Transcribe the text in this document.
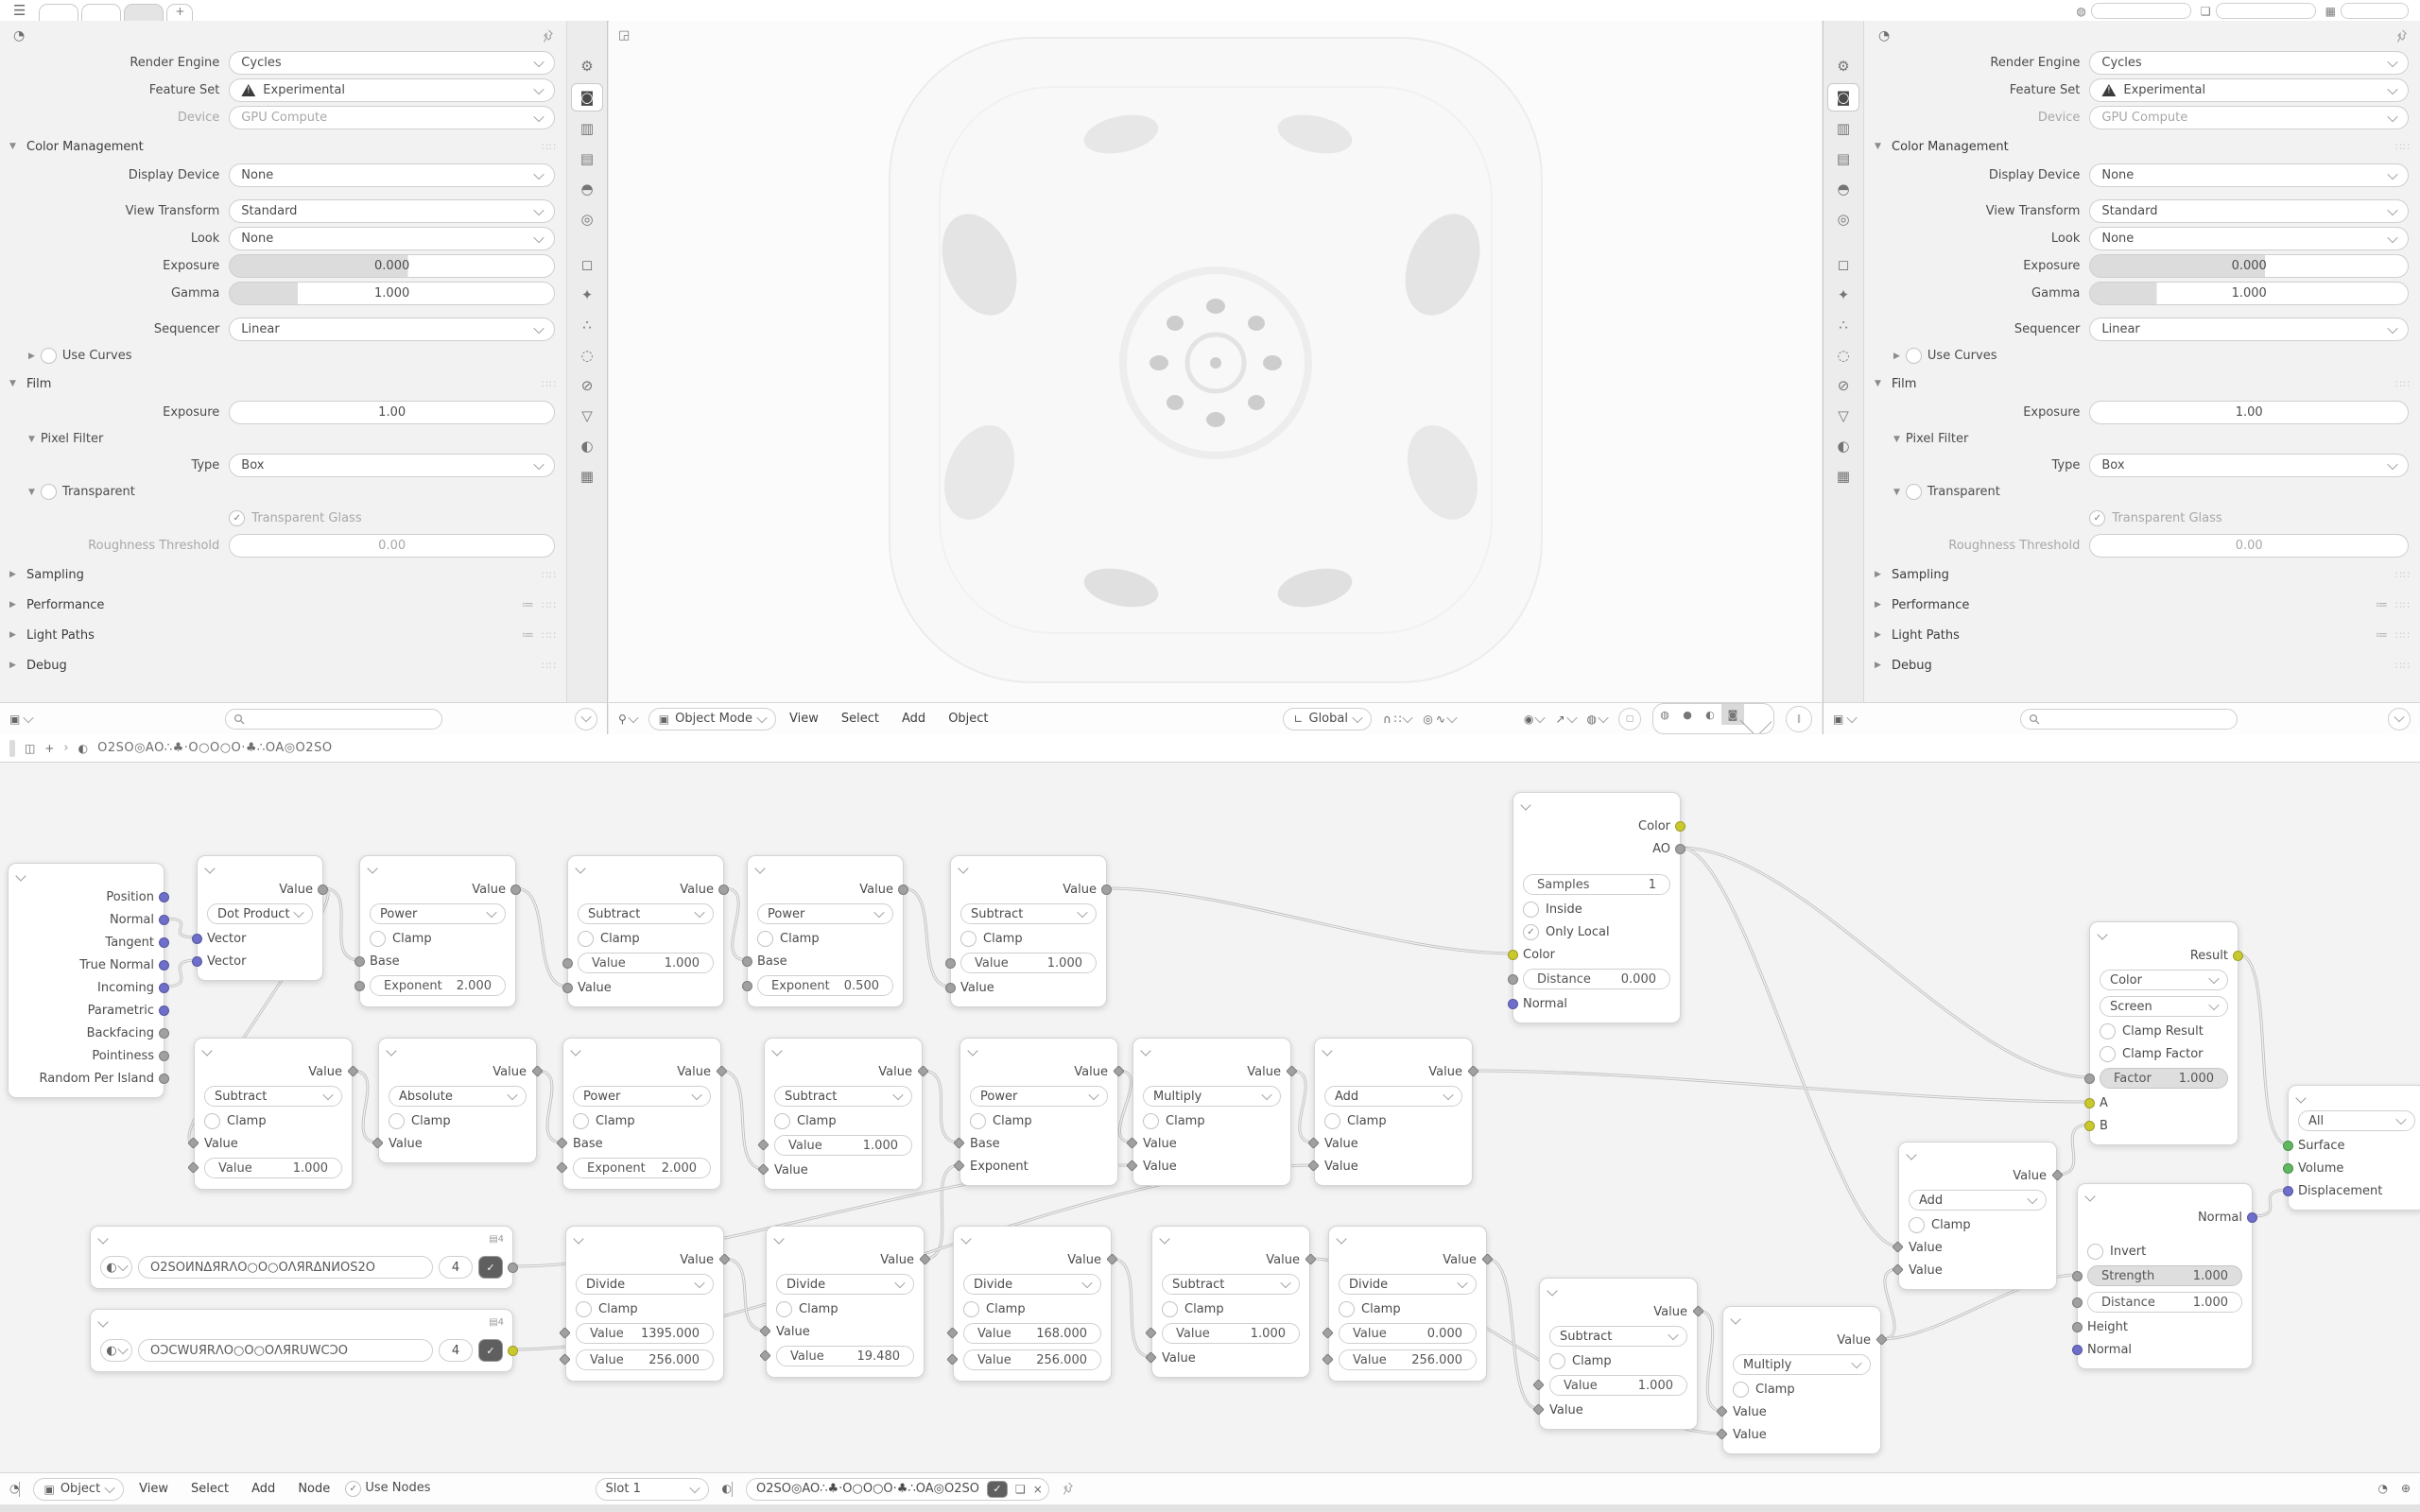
☰	+	◍	❏	▦
◔
Render Engine	Cycles
Feature Set !	Experimental
Device	GPU Compute
▼ Color Management	∷∷
Display Device	None
View Transform	Standard
Look	None
Exposure	0.000
Gamma	1.000
Sequencer	Linear
▶ Use Curves
▼ Film	∷∷
Exposure	1.00
▼ Pixel Filter
Type	Box
▼ Transparent
✓ Transparent Glass
Roughness Threshold	0.00
▶ Sampling	∷∷
▶ Performance	≔ ∷∷
▶ Light Paths	≔ ∷∷
▶ Debug	∷∷
⚙
◙
▥
▤
◓
◎
◻
✦
∴
◌
⊘
▽
◐
▦
▣
◔
Render Engine	Cycles
Feature Set !	Experimental
Device	GPU Compute
▼ Color Management	∷∷
Display Device	None
View Transform	Standard
Look	None
Exposure	0.000
Gamma	1.000
Sequencer	Linear
▶ Use Curves
▼ Film	∷∷
Exposure	1.00
▼ Pixel Filter
Type	Box
▼ Transparent
✓ Transparent Glass
Roughness Threshold	0.00
▶ Sampling	∷∷
▶ Performance	≔ ∷∷
▶ Light Paths	≔ ∷∷
▶ Debug	∷∷
⚙
◙
▥
▤
◓
◎
◻
✦
∴
◌
⊘
▽
◐
▦
▣
◲
⚲	▣ Object Mode	View Select Add Object	∟ Global	∩ ∷ ◎ ∿	◉ ↗ ◍	▢	◍	●	◐	◙	‖
◫ + › ◐ O2SO◎AO∴♣·O○O○O·♣∴OA◎O2SO
Position
Normal
Tangent
True Normal
Incoming
Parametric
Backfacing
Pointiness
Random Per Island
Value
Dot Product
Vector
Vector
Value
Power
Clamp
Base
Exponent 2.000
Value
Subtract
Clamp
Value	1.000
Value
Value
Power
Clamp
Base
Exponent 0.500
Value
Subtract
Clamp
Value	1.000
Value
Value
Subtract
Clamp
Value
Value	1.000
Value
Absolute
Clamp
Value
Value
Power
Clamp
Base
Exponent 2.000
Value
Subtract
Clamp
Value	1.000
Value
Value
Power
Clamp
Base
Exponent
Value
Multiply
Clamp
Value
Value
Value
Add
Clamp
Value
Value
Color
AO
Samples	1
Inside
✓ Only Local
Color
Distance 0.000
Normal
▤4
◐	O2SOИNΔЯRΛO○O○OΛЯRΔNИOS2O	4	✓
▤4
◐	OƆCWUЯRΛO○O○OΛЯRUWCƆO	4	✓
Value
Divide
Clamp
Value 1395.000
Value 256.000
Value
Divide
Clamp
Value
Value	19.480
Value
Divide
Clamp
Value 168.000
Value 256.000
Value
Subtract
Clamp
Value	1.000
Value
Value
Divide
Clamp
Value	0.000
Value 256.000
Value
Subtract
Clamp
Value	1.000
Value
Value
Multiply
Clamp
Value
Value
Value
Add
Clamp
Value
Value
Result
Color
Screen
Clamp Result
Clamp Factor
Factor 1.000
A
B
Normal
Invert
Strength	1.000
Distance	1.000
Height
Normal
All
Surface
Volume
Displacement
◔ ▣ Object	View Select Add Node	✓ Use Nodes	Slot 1	◐ O2SO◎AO∴♣·O○O○O·♣∴OA◎O2SO	✓	❏ ×	◔ ⊕
